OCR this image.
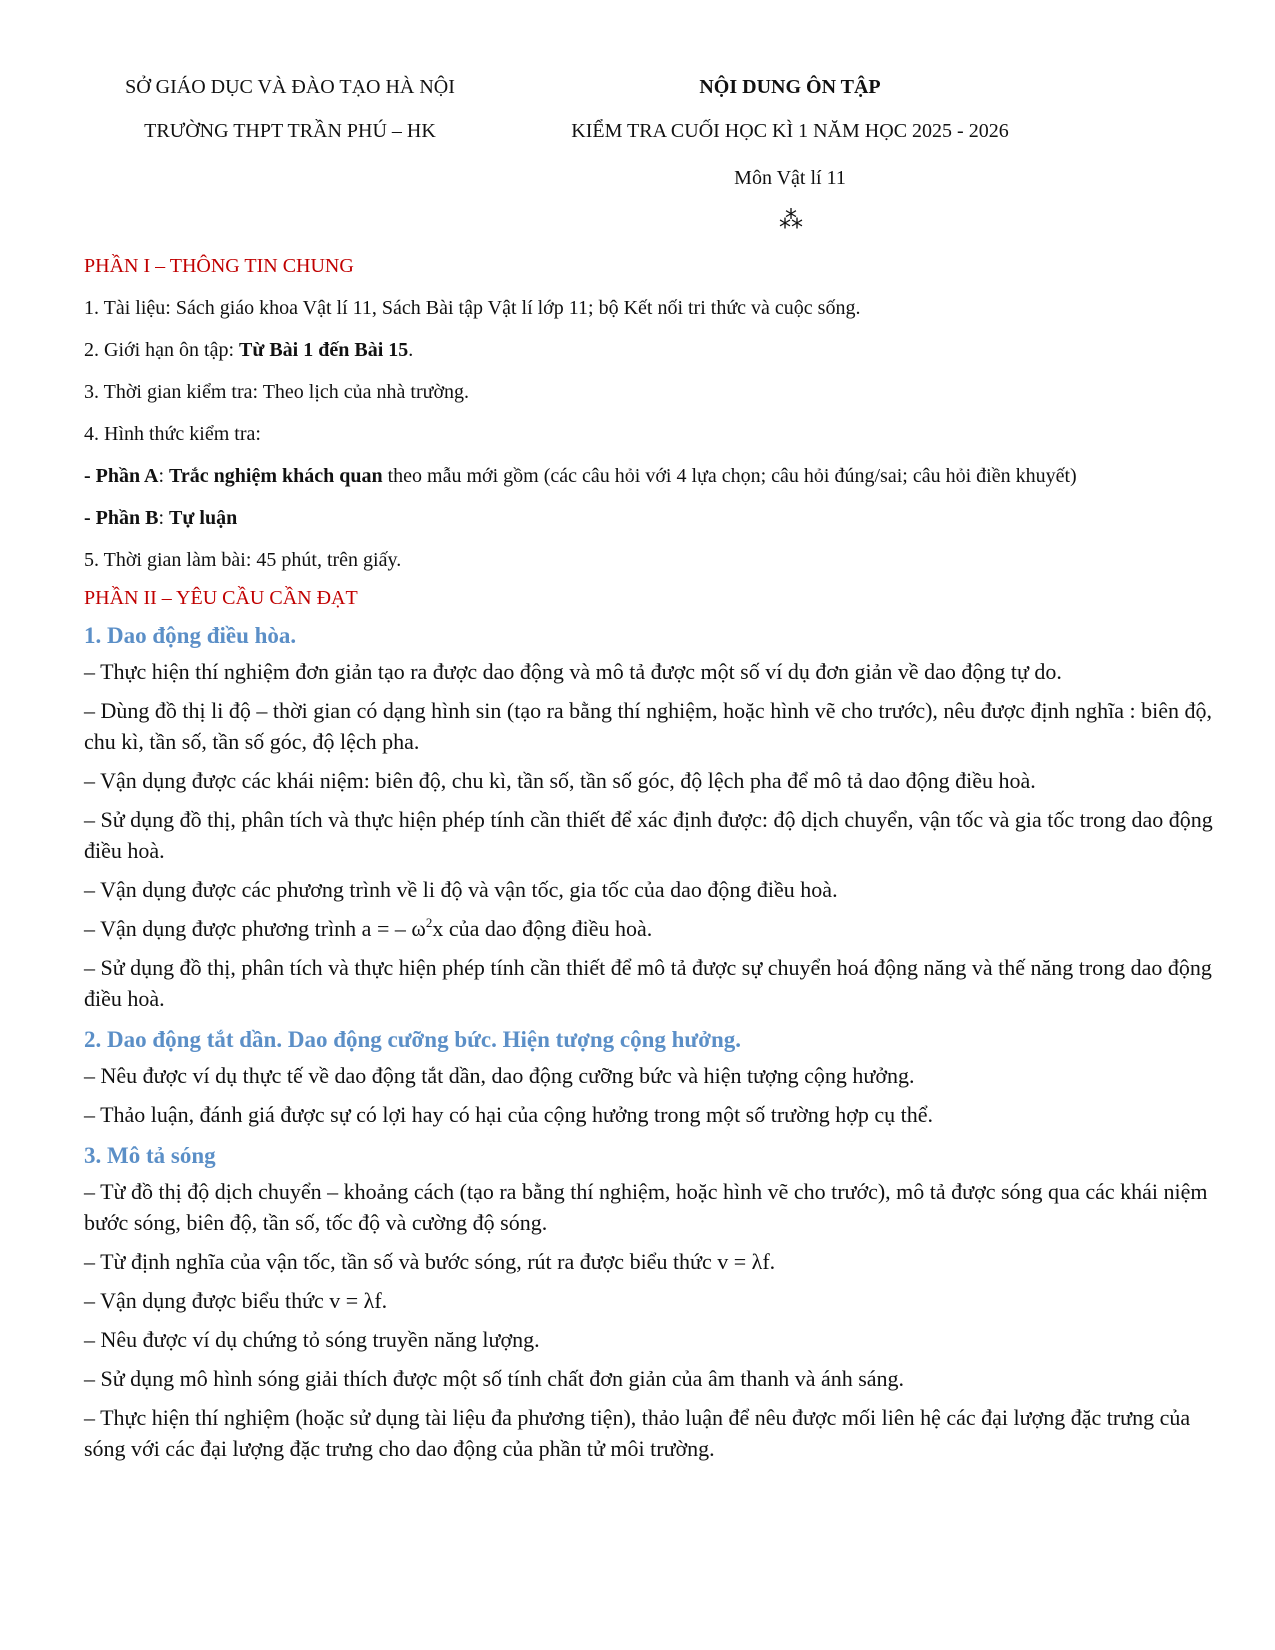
SỞ GIÁO DỤC VÀ ĐÀO TẠO HÀ NỘI
TRƯỜNG THPT TRẦN PHÚ – HK
NỘI DUNG ÔN TẬP
KIỂM TRA CUỐI HỌC KÌ 1 NĂM HỌC 2025 - 2026
Môn Vật lí 11
⁂
PHẦN I – THÔNG TIN CHUNG
1. Tài liệu: Sách giáo khoa Vật lí 11, Sách Bài tập Vật lí lớp 11; bộ Kết nối tri thức và cuộc sống.
2. Giới hạn ôn tập: Từ Bài 1 đến Bài 15.
3. Thời gian kiểm tra: Theo lịch của nhà trường.
4. Hình thức kiểm tra:
- Phần A: Trắc nghiệm khách quan theo mẫu mới gồm (các câu hỏi với 4 lựa chọn; câu hỏi đúng/sai; câu hỏi điền khuyết)
- Phần B: Tự luận
5. Thời gian làm bài: 45 phút, trên giấy.
PHẦN II – YÊU CẦU CẦN ĐẠT
1. Dao động điều hòa.
– Thực hiện thí nghiệm đơn giản tạo ra được dao động và mô tả được một số ví dụ đơn giản về dao động tự do.
– Dùng đồ thị li độ – thời gian có dạng hình sin (tạo ra bằng thí nghiệm, hoặc hình vẽ cho trước), nêu được định nghĩa : biên độ, chu kì, tần số, tần số góc, độ lệch pha.
– Vận dụng được các khái niệm: biên độ, chu kì, tần số, tần số góc, độ lệch pha để mô tả dao động điều hoà.
– Sử dụng đồ thị, phân tích và thực hiện phép tính cần thiết để xác định được: độ dịch chuyển, vận tốc và gia tốc trong dao động điều hoà.
– Vận dụng được các phương trình về li độ và vận tốc, gia tốc của dao động điều hoà.
– Vận dụng được phương trình a = – $\omega^2x$ của dao động điều hoà.
– Sử dụng đồ thị, phân tích và thực hiện phép tính cần thiết để mô tả được sự chuyển hoá động năng và thế năng trong dao động điều hoà.
2. Dao động tắt dần. Dao động cưỡng bức. Hiện tượng cộng hưởng.
– Nêu được ví dụ thực tế về dao động tắt dần, dao động cưỡng bức và hiện tượng cộng hưởng.
– Thảo luận, đánh giá được sự có lợi hay có hại của cộng hưởng trong một số trường hợp cụ thể.
3. Mô tả sóng
– Từ đồ thị độ dịch chuyển – khoảng cách (tạo ra bằng thí nghiệm, hoặc hình vẽ cho trước), mô tả được sóng qua các khái niệm bước sóng, biên độ, tần số, tốc độ và cường độ sóng.
– Từ định nghĩa của vận tốc, tần số và bước sóng, rút ra được biểu thức v = λf.
– Vận dụng được biểu thức v = λf.
– Nêu được ví dụ chứng tỏ sóng truyền năng lượng.
– Sử dụng mô hình sóng giải thích được một số tính chất đơn giản của âm thanh và ánh sáng.
– Thực hiện thí nghiệm (hoặc sử dụng tài liệu đa phương tiện), thảo luận để nêu được mối liên hệ các đại lượng đặc trưng của sóng với các đại lượng đặc trưng cho dao động của phần tử môi trường.
